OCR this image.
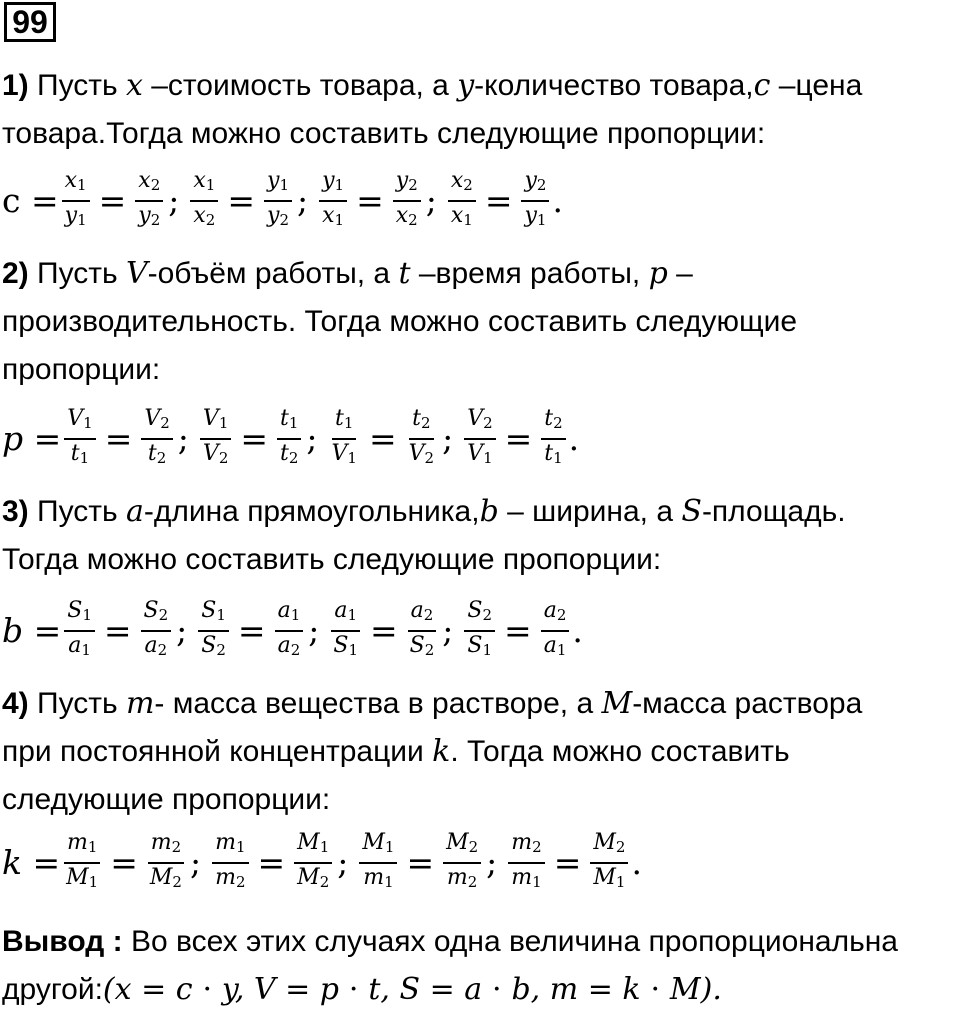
99
1) Пусть x –стоимость товара, а y-количество товара,c –цена
товара.Тогда можно составить следующие пропорции:
$c = \frac{x_1}{y_1} = \frac{x_2}{y_2}$ ; $\frac{x_1}{x_2} = \frac{y_1}{y_2}$ ; $\frac{y_1}{x_1} = \frac{y_2}{x_2}$ ; $\frac{x_2}{x_1} = \frac{y_2}{y_1}$ .
2) Пусть V-объём работы, а t –время работы, p –
производительность. Тогда можно составить следующие
пропорции:
$p = \frac{V_1}{t_1} = \frac{V_2}{t_2}$ ; $\frac{V_1}{V_2} = \frac{t_1}{t_2}$ ; $\frac{t_1}{V_1} = \frac{t_2}{V_2}$ ; $\frac{V_2}{V_1} = \frac{t_2}{t_1}$ .
3) Пусть a-длина прямоугольника,b – ширина, а S-площадь.
Тогда можно составить следующие пропорции:
$b = \frac{S_1}{a_1} = \frac{S_2}{a_2}$ ; $\frac{S_1}{S_2} = \frac{a_1}{a_2}$ ; $\frac{a_1}{S_1} = \frac{a_2}{S_2}$ ; $\frac{S_2}{S_1} = \frac{a_2}{a_1}$ .
4) Пусть m- масса вещества в растворе, а M-масса раствора
при постоянной концентрации k. Тогда можно составить
следующие пропорции:
$k = \frac{m_1}{M_1} = \frac{m_2}{M_2}$ ; $\frac{m_1}{m_2} = \frac{M_1}{M_2}$ ; $\frac{M_1}{m_1} = \frac{M_2}{m_2}$ ; $\frac{m_2}{m_1} = \frac{M_2}{M_1}$ .
Вывод : Во всех этих случаях одна величина пропорциональна
другой:(x = c ⋅ y, V = p ⋅ t, S = a ⋅ b, m = k ⋅ M).
